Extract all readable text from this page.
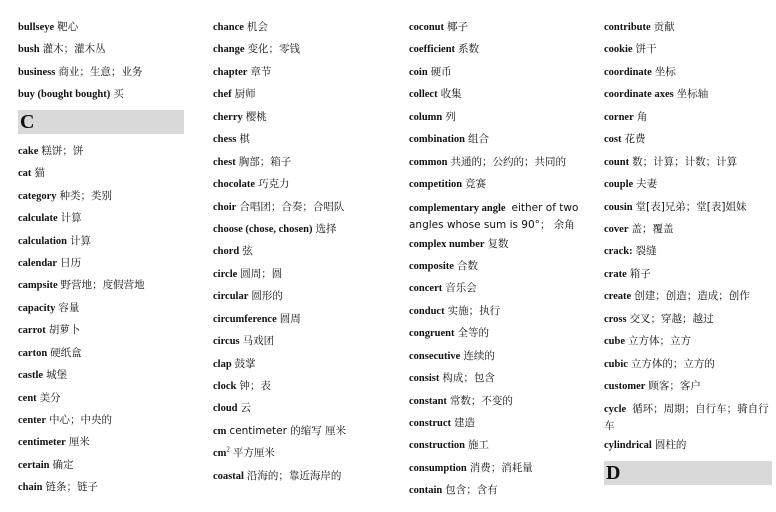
bullseye 靶心
bush 灌木；灌木丛
business 商业；生意；业务
buy (bought bought) 买
C
cake 糕饼；饼
cat 猫
category 种类；类别
calculate 计算
calculation 计算
calendar 日历
campsite 野营地；度假营地
capacity 容量
carrot 胡萝卜
carton 硬纸盒
castle 城堡
cent 美分
center 中心；中央的
centimeter 厘米
certain 确定
chain 链条；链子
chance 机会
change 变化；零钱
chapter 章节
chef 厨师
cherry 樱桃
chess 棋
chest 胸部；箱子
chocolate 巧克力
choir 合唱团；合奏；合唱队
choose (chose, chosen) 选择
chord 弦
circle 圆周；圆
circular 圆形的
circumference 圆周
circus 马戏团
clap 鼓掌
clock 钟；表
cloud 云
cm centimeter 的缩写 厘米
$cm^2$ 平方厘米
coastal 沿海的；靠近海岸的
coconut 椰子
coefficient 系数
coin 硬币
collect 收集
column 列
combination 组合
common 共通的；公约的；共同的
competition 竞赛
complementary angle either of two angles whose sum is 90°； 余角
complex number 复数
composite 合数
concert 音乐会
conduct 实施；执行
congruent 全等的
consecutive 连续的
consist 构成；包含
constant 常数；不变的
construct 建造
construction 施工
consumption 消费；消耗量
contain 包含；含有
contribute 贡献
cookie 饼干
coordinate 坐标
coordinate axes 坐标轴
corner 角
cost 花费
count 数；计算；计数；计算
couple 夫妻
cousin 堂[表]兄弟；堂[表]姐妹
cover 盖；覆盖
crack: 裂缝
crate 箱子
create 创建；创造；造成；创作
cross 交叉；穿越；越过
cube 立方体；立方
cubic 立方体的；立方的
customer 顾客；客户
cycle 循环；周期；自行车；骑自行车
cylindrical 圆柱的
D
